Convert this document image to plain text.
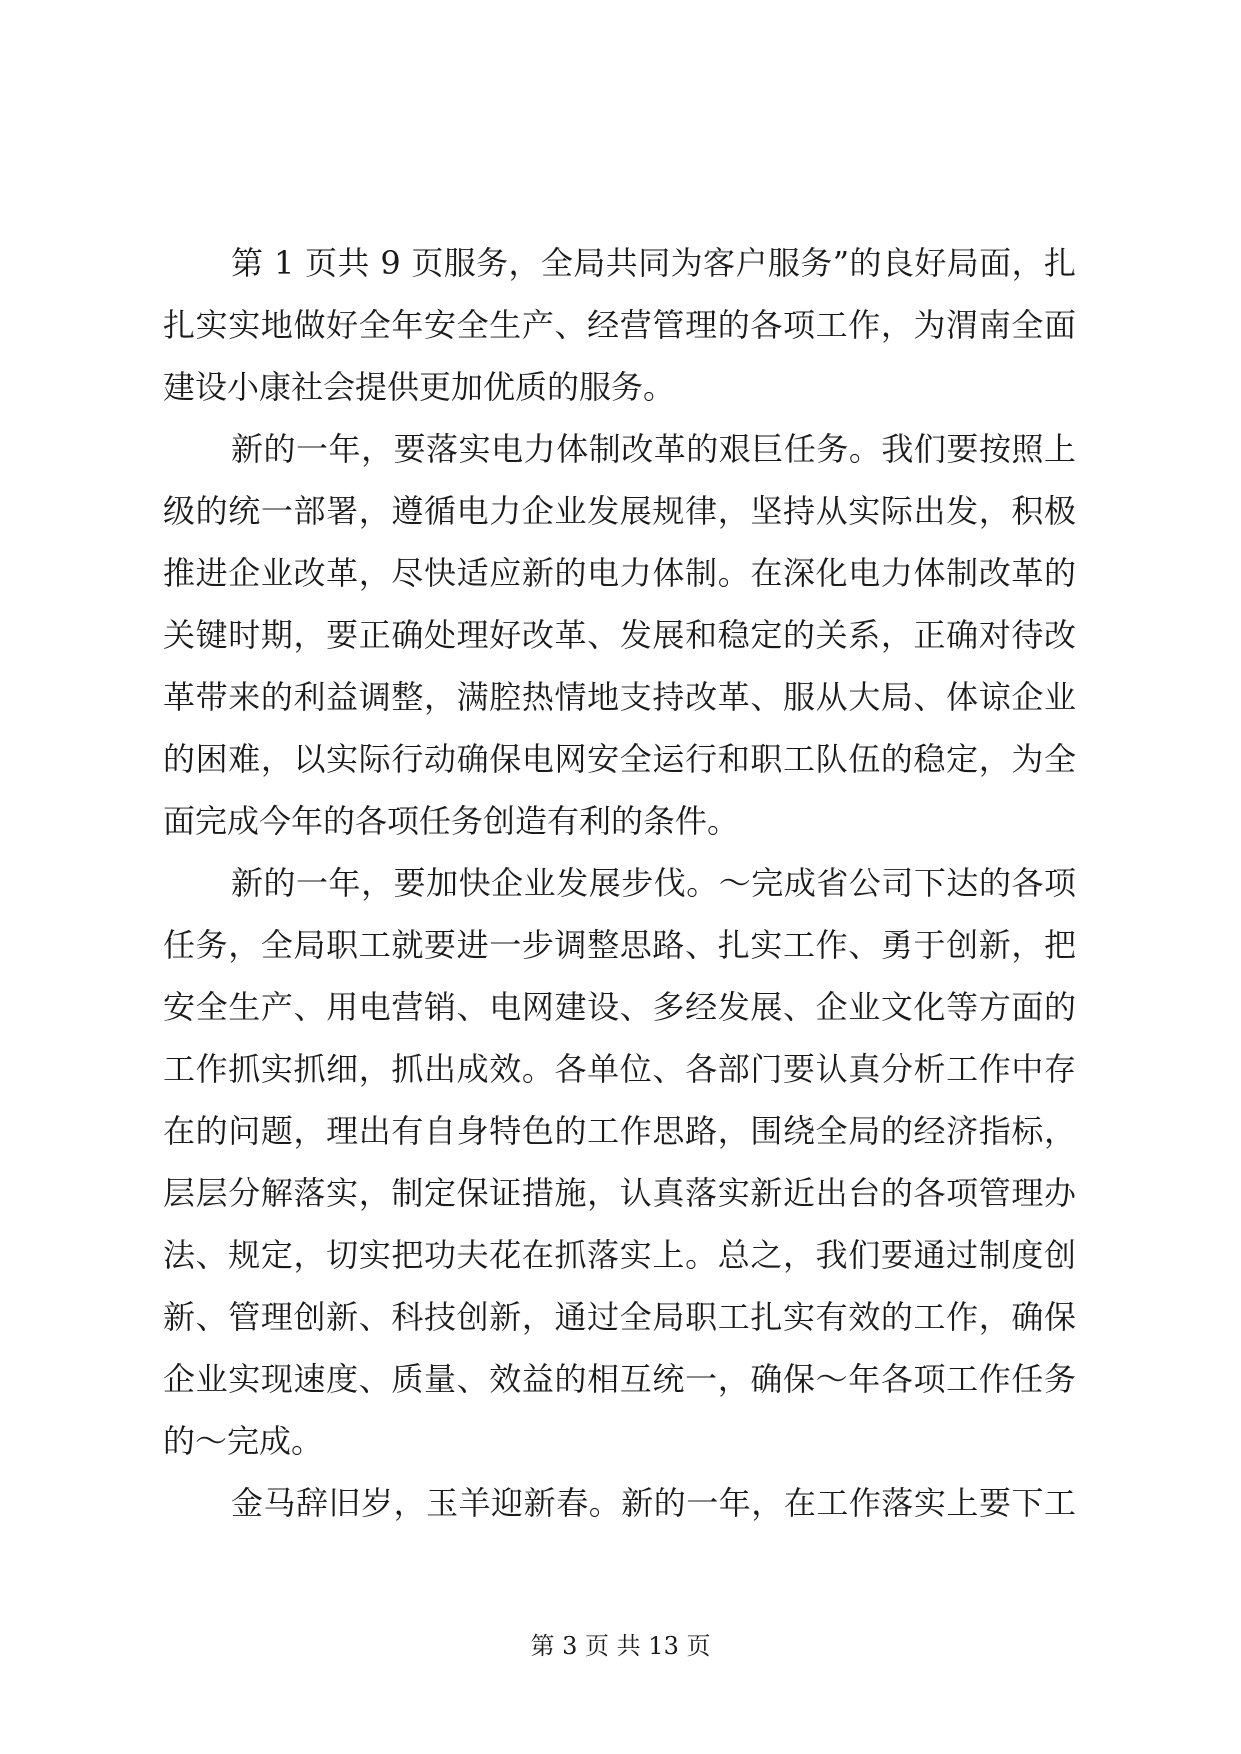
第 1 页共 9 页服务，全局共同为客户服务”的良好局面，扎
扎实实地做好全年安全生产、经营管理的各项工作，为渭南全面
建设小康社会提供更加优质的服务。
新的一年，要落实电力体制改革的艰巨任务。我们要按照上
级的统一部署，遵循电力企业发展规律，坚持从实际出发，积极
推进企业改革，尽快适应新的电力体制。在深化电力体制改革的
关键时期，要正确处理好改革、发展和稳定的关系，正确对待改
革带来的利益调整，满腔热情地支持改革、服从大局、体谅企业
的困难，以实际行动确保电网安全运行和职工队伍的稳定，为全
面完成今年的各项任务创造有利的条件。
新的一年，要加快企业发展步伐。～完成省公司下达的各项
任务，全局职工就要进一步调整思路、扎实工作、勇于创新，把
安全生产、用电营销、电网建设、多经发展、企业文化等方面的
工作抓实抓细，抓出成效。各单位、各部门要认真分析工作中存
在的问题，理出有自身特色的工作思路，围绕全局的经济指标，
层层分解落实，制定保证措施，认真落实新近出台的各项管理办
法、规定，切实把功夫花在抓落实上。总之，我们要通过制度创
新、管理创新、科技创新，通过全局职工扎实有效的工作，确保
企业实现速度、质量、效益的相互统一，确保～年各项工作任务
的～完成。
金马辞旧岁，玉羊迎新春。新的一年，在工作落实上要下工
第 3 页 共 13 页
